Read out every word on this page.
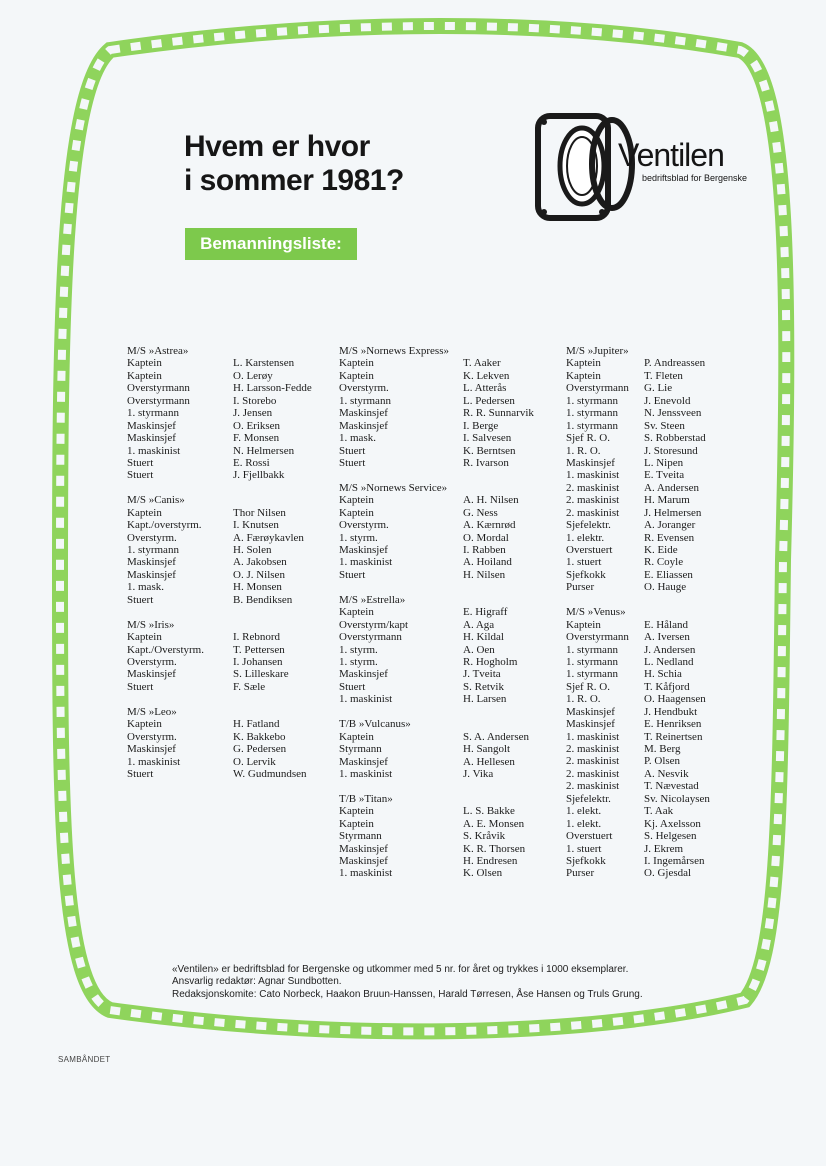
Hvem er hvor
i sommer 1981?
Bemanningsliste:
Ventilen
bedriftsblad for Bergenske
M/S »Astrea»
Kaptein	L. Karstensen
Kaptein	O. Lerøy
Overstyrmann	H. Larsson-Fedde
Overstyrmann	I. Storebo
1. styrmann	J. Jensen
Maskinsjef	O. Eriksen
Maskinsjef	F. Monsen
1. maskinist	N. Helmersen
Stuert	E. Rossi
Stuert	J. Fjellbakk
M/S »Canis»
Kaptein	Thor Nilsen
Kapt./overstyrm.	I. Knutsen
Overstyrm.	A. Færøykavlen
1. styrmann	H. Solen
Maskinsjef	A. Jakobsen
Maskinsjef	O. J. Nilsen
1. mask.	H. Monsen
Stuert	B. Bendiksen
M/S »Iris»
Kaptein	I. Rebnord
Kapt./Overstyrm.	T. Pettersen
Overstyrm.	I. Johansen
Maskinsjef	S. Lilleskare
Stuert	F. Sæle
M/S »Leo»
Kaptein	H. Fatland
Overstyrm.	K. Bakkebo
Maskinsjef	G. Pedersen
1. maskinist	O. Lervik
Stuert	W. Gudmundsen
M/S »Nornews Express»
Kaptein	T. Aaker
Kaptein	K. Lekven
Overstyrm.	L. Atterås
1. styrmann	L. Pedersen
Maskinsjef	R. R. Sunnarvik
Maskinsjef	I. Berge
1. mask.	I. Salvesen
Stuert	K. Berntsen
Stuert	R. Ivarson
M/S »Nornews Service»
Kaptein	A. H. Nilsen
Kaptein	G. Ness
Overstyrm.	A. Kærnrød
1. styrm.	O. Mordal
Maskinsjef	I. Rabben
1. maskinist	A. Hoiland
Stuert	H. Nilsen
M/S »Estrella»
Kaptein	E. Higraff
Overstyrm/kapt	A. Aga
Overstyrmann	H. Kildal
1. styrm.	A. Oen
1. styrm.	R. Hogholm
Maskinsjef	J. Tveita
Stuert	S. Retvik
1. maskinist	H. Larsen
T/B »Vulcanus»
Kaptein	S. A. Andersen
Styrmann	H. Sangolt
Maskinsjef	A. Hellesen
1. maskinist	J. Vika
T/B »Titan»
Kaptein	L. S. Bakke
Kaptein	A. E. Monsen
Styrmann	S. Kråvik
Maskinsjef	K. R. Thorsen
Maskinsjef	H. Endresen
1. maskinist	K. Olsen
M/S »Jupiter»
Kaptein	P. Andreassen
Kaptein	T. Fleten
Overstyrmann G. Lie
1. styrmann J. Enevold
1. styrmann N. Jenssveen
1. styrmann Sv. Steen
Sjef R. O.	S. Robberstad
1. R. O.	J. Storesund
Maskinsjef	L. Nipen
1. maskinist E. Tveita
2. maskinist A. Andersen
2. maskinist H. Marum
2. maskinist J. Helmersen
Sjefelektr.	A. Joranger
1. elektr.	R. Evensen
Overstuert	K. Eide
1. stuert	R. Coyle
Sjefkokk	E. Eliassen
Purser	O. Hauge
M/S »Venus»
Kaptein	E. Håland
Overstyrmann A. Iversen
1. styrmann J. Andersen
1. styrmann L. Nedland
1. styrmann H. Schia
Sjef R. O.	T. Kåfjord
1. R. O.	O. Haagensen
Maskinsjef	J. Hendbukt
Maskinsjef	E. Henriksen
1. maskinist T. Reinertsen
2. maskinist M. Berg
2. maskinist P. Olsen
2. maskinist A. Nesvik
2. maskinist T. Nævestad
Sjefelektr.	Sv. Nicolaysen
1. elekt.	T. Aak
1. elekt.	Kj. Axelsson
Overstuert	S. Helgesen
1. stuert	J. Ekrem
Sjefkokk	I. Ingemårsen
Purser	O. Gjesdal
«Ventilen» er bedriftsblad for Bergenske og utkommer med 5 nr. for året og trykkes i 1000 eksemplarer.
Ansvarlig redaktør: Agnar Sundbotten.
Redaksjonskomite: Cato Norbeck, Haakon Bruun-Hanssen, Harald Tørresen, Åse Hansen og Truls Grung.
SAMBÅNDET
